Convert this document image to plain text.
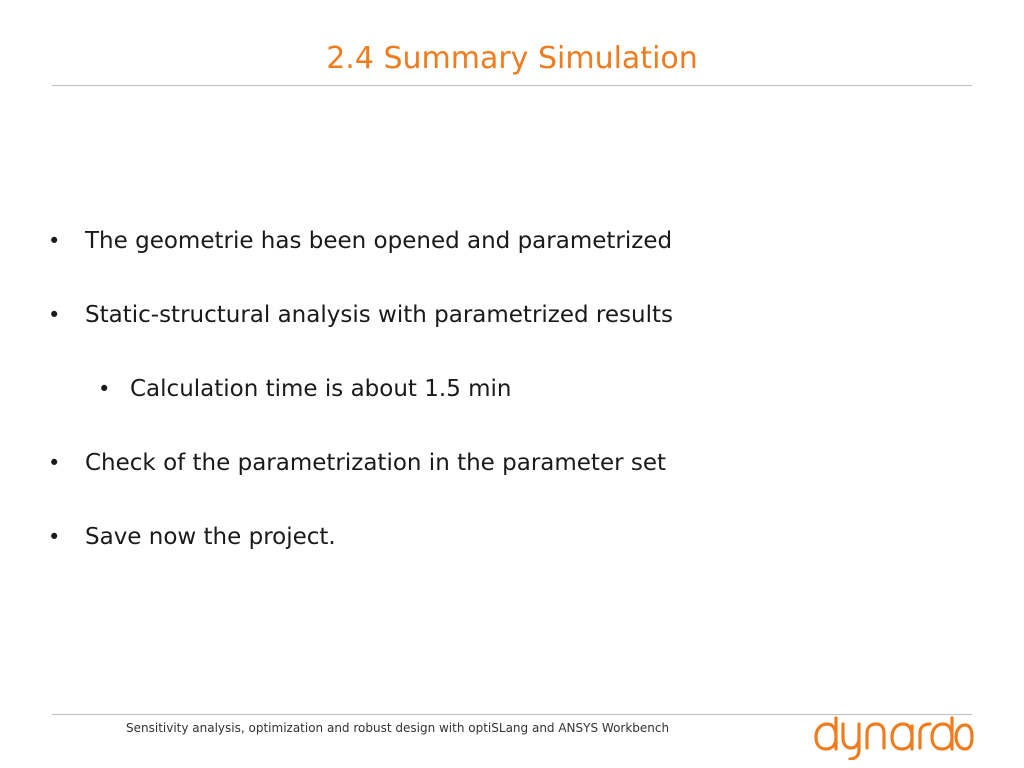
2.4 Summary Simulation
• The geometrie has been opened and parametrized
• Static-structural analysis with parametrized results
• Calculation time is about 1.5 min
• Check of the parametrization in the parameter set
• Save now the project.
Sensitivity analysis, optimization and robust design with optiSLang and ANSYS Workbench
dynardo
